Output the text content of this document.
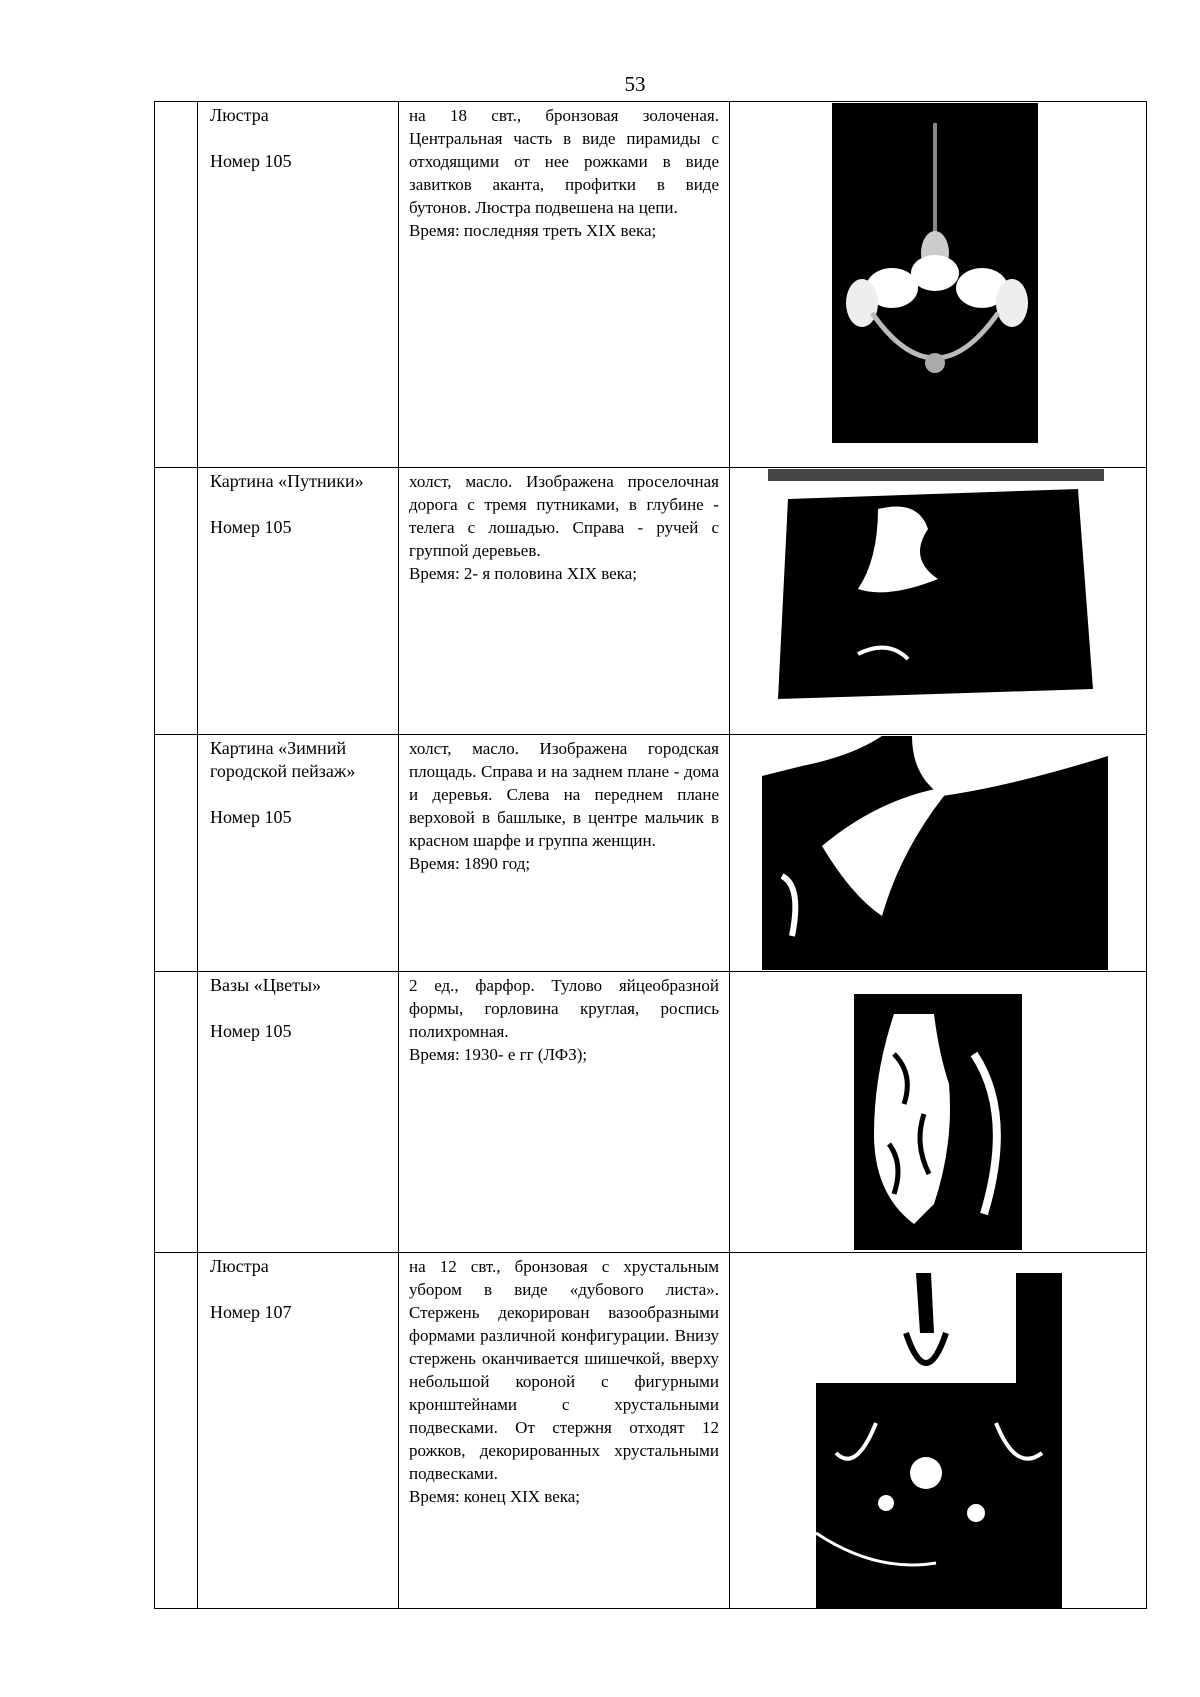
53

	Люстра
Номер 105	на 18 свт., бронзовая золоченая. Центральная часть в виде пирамиды с отходящими от нее рожками в виде завитков аканта, профитки в виде бутонов. Люстра подвешена на цепи.
Время: последняя треть XIX века;

	Картина «Путники»
Номер 105	холст, масло. Изображена проселочная дорога с тремя путниками, в глубине - телега с лошадью. Справа - ручей с группой деревьев.
Время: 2- я половина XIX века;

	Картина «Зимний городской пейзаж»
Номер 105	холст, масло. Изображена городская площадь. Справа и на заднем плане - дома и деревья. Слева на переднем плане верховой в башлыке, в центре мальчик в красном шарфе и группа женщин.
Время: 1890 год;

	Вазы «Цветы»
Номер 105	2 ед., фарфор. Тулово яйцеобразной формы, горловина круглая, роспись полихромная.
Время: 1930- е гг (ЛФЗ);

	Люстра
Номер 107	на 12 свт., бронзовая с хрустальным убором в виде «дубового листа». Стержень декорирован вазообразными формами различной конфигурации. Внизу стержень оканчивается шишечкой, вверху небольшой короной с фигурными кронштейнами с хрустальными подвесками. От стержня отходят 12 рожков, декорированных хрустальными подвесками.
Время: конец XIX века;
